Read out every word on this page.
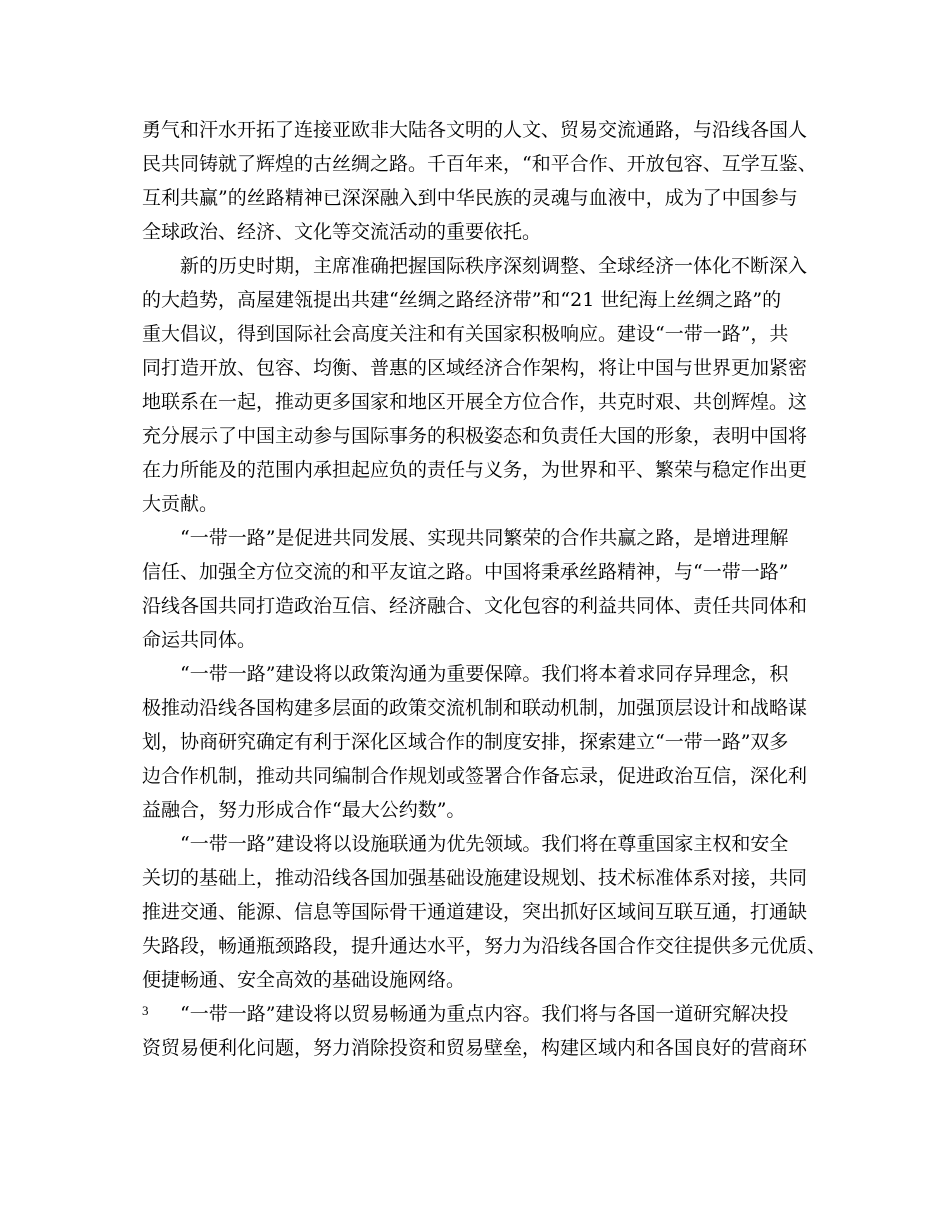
勇气和汗水开拓了连接亚欧非大陆各文明的人文、贸易交流通路，与沿线各国人
民共同铸就了辉煌的古丝绸之路。千百年来，“和平合作、开放包容、互学互鉴、
互利共赢”的丝路精神已深深融入到中华民族的灵魂与血液中，成为了中国参与
全球政治、经济、文化等交流活动的重要依托。
新的历史时期，主席准确把握国际秩序深刻调整、全球经济一体化不断深入
的大趋势，高屋建瓴提出共建“丝绸之路经济带”和“21 世纪海上丝绸之路”的
重大倡议，得到国际社会高度关注和有关国家积极响应。建设“一带一路”，共
同打造开放、包容、均衡、普惠的区域经济合作架构，将让中国与世界更加紧密
地联系在一起，推动更多国家和地区开展全方位合作，共克时艰、共创辉煌。这
充分展示了中国主动参与国际事务的积极姿态和负责任大国的形象，表明中国将
在力所能及的范围内承担起应负的责任与义务，为世界和平、繁荣与稳定作出更
大贡献。
“一带一路”是促进共同发展、实现共同繁荣的合作共赢之路，是增进理解
信任、加强全方位交流的和平友谊之路。中国将秉承丝路精神，与“一带一路”
沿线各国共同打造政治互信、经济融合、文化包容的利益共同体、责任共同体和
命运共同体。
“一带一路”建设将以政策沟通为重要保障。我们将本着求同存异理念，积
极推动沿线各国构建多层面的政策交流机制和联动机制，加强顶层设计和战略谋
划，协商研究确定有利于深化区域合作的制度安排，探索建立“一带一路”双多
边合作机制，推动共同编制合作规划或签署合作备忘录，促进政治互信，深化利
益融合，努力形成合作“最大公约数”。
“一带一路”建设将以设施联通为优先领域。我们将在尊重国家主权和安全
关切的基础上，推动沿线各国加强基础设施建设规划、技术标准体系对接，共同
推进交通、能源、信息等国际骨干通道建设，突出抓好区域间互联互通，打通缺
失路段，畅通瓶颈路段，提升通达水平，努力为沿线各国合作交往提供多元优质、
便捷畅通、安全高效的基础设施网络。
“一带一路”建设将以贸易畅通为重点内容。我们将与各国一道研究解决投
资贸易便利化问题，努力消除投资和贸易壁垒，构建区域内和各国良好的营商环
3
